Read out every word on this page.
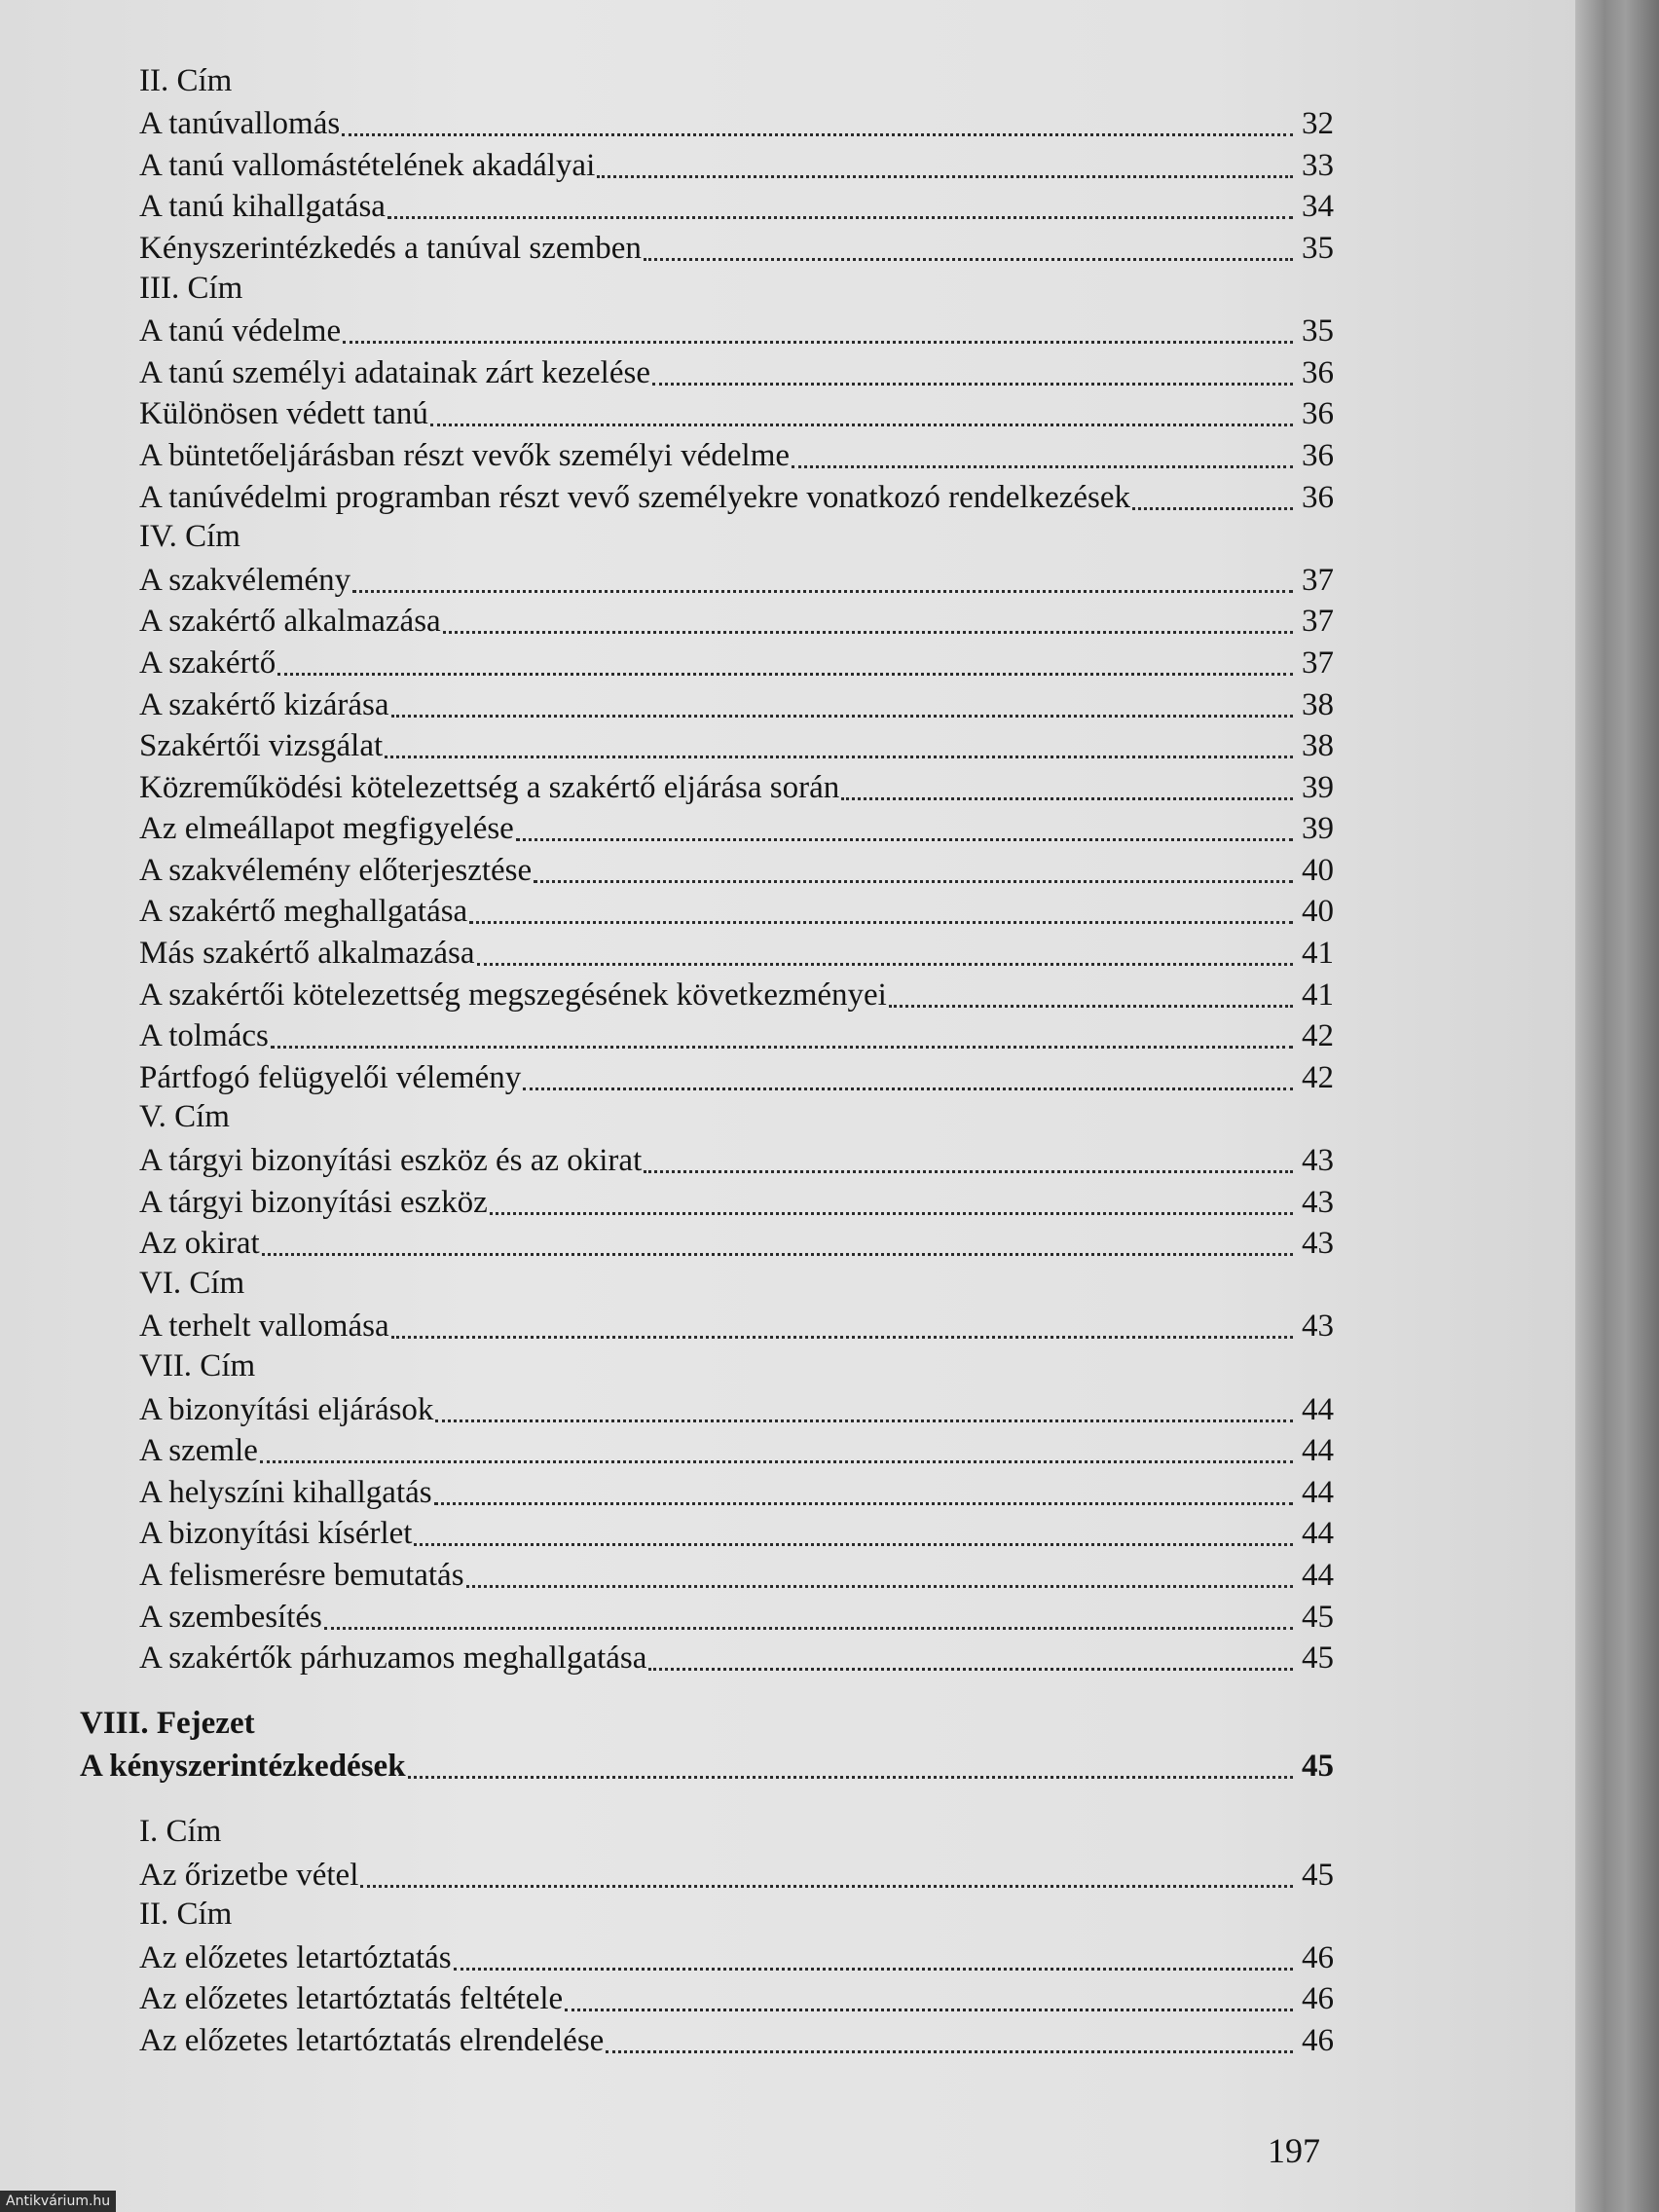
II. Cím
A tanúvallomás	32
A tanú vallomástételének akadályai	33
A tanú kihallgatása	34
Kényszerintézkedés a tanúval szemben	35
III. Cím
A tanú védelme	35
A tanú személyi adatainak zárt kezelése	36
Különösen védett tanú	36
A büntetőeljárásban részt vevők személyi védelme	36
A tanúvédelmi programban részt vevő személyekre vonatkozó rendelkezések	36
IV. Cím
A szakvélemény	37
A szakértő alkalmazása	37
A szakértő	37
A szakértő kizárása	38
Szakértői vizsgálat	38
Közreműködési kötelezettség a szakértő eljárása során	39
Az elmeállapot megfigyelése	39
A szakvélemény előterjesztése	40
A szakértő meghallgatása	40
Más szakértő alkalmazása	41
A szakértői kötelezettség megszegésének következményei	41
A tolmács	42
Pártfogó felügyelői vélemény	42
V. Cím
A tárgyi bizonyítási eszköz és az okirat	43
A tárgyi bizonyítási eszköz	43
Az okirat	43
VI. Cím
A terhelt vallomása	43
VII. Cím
A bizonyítási eljárások	44
A szemle	44
A helyszíni kihallgatás	44
A bizonyítási kísérlet	44
A felismerésre bemutatás	44
A szembesítés	45
A szakértők párhuzamos meghallgatása	45
VIII. Fejezet
A kényszerintézkedések	45
I. Cím
Az őrizetbe vétel	45
II. Cím
Az előzetes letartóztatás	46
Az előzetes letartóztatás feltétele	46
Az előzetes letartóztatás elrendelése	46
197
Antikvárium.hu
